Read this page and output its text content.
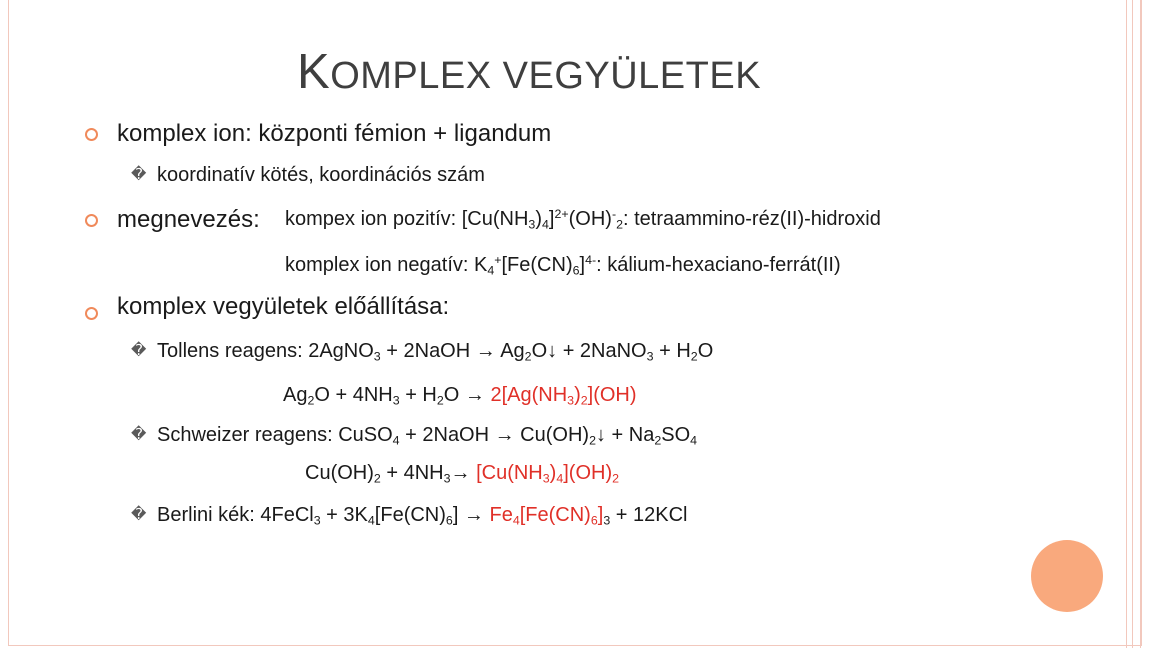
KOMPLEX VEGYÜLETEK
komplex ion: központi fémion + ligandum
� koordinatív kötés, koordinációs szám
megnevezés: kompex ion pozitív: $[Cu(NH_3)_4]^{2+}(OH)^-_2$: tetraammino-réz(II)-hidroxid
komplex ion negatív: $K_4^+[Fe(CN)_6]^{4-}$: kálium-hexaciano-ferrát(II)
komplex vegyületek előállítása:
� Tollens reagens: 2AgNO$_3$ + 2NaOH → $Ag_2O↓$ + 2NaNO$_3$ + $H_2O$
$Ag_2O + 4NH_3 + H_2O \to 2[Ag(NH_3)_2](OH)$
� Schweizer reagens: CuSO$_4$ + 2NaOH → $Cu(OH)_2↓ + Na_2SO_4$
$Cu(OH)_2 + 4NH_3\to [Cu(NH_3)_4](OH)_2$
� Berlini kék: 4FeCl$_3$ + $3K_4[Fe(CN)_6] \to Fe_4[Fe(CN)_6]_3 + 12KCl$
